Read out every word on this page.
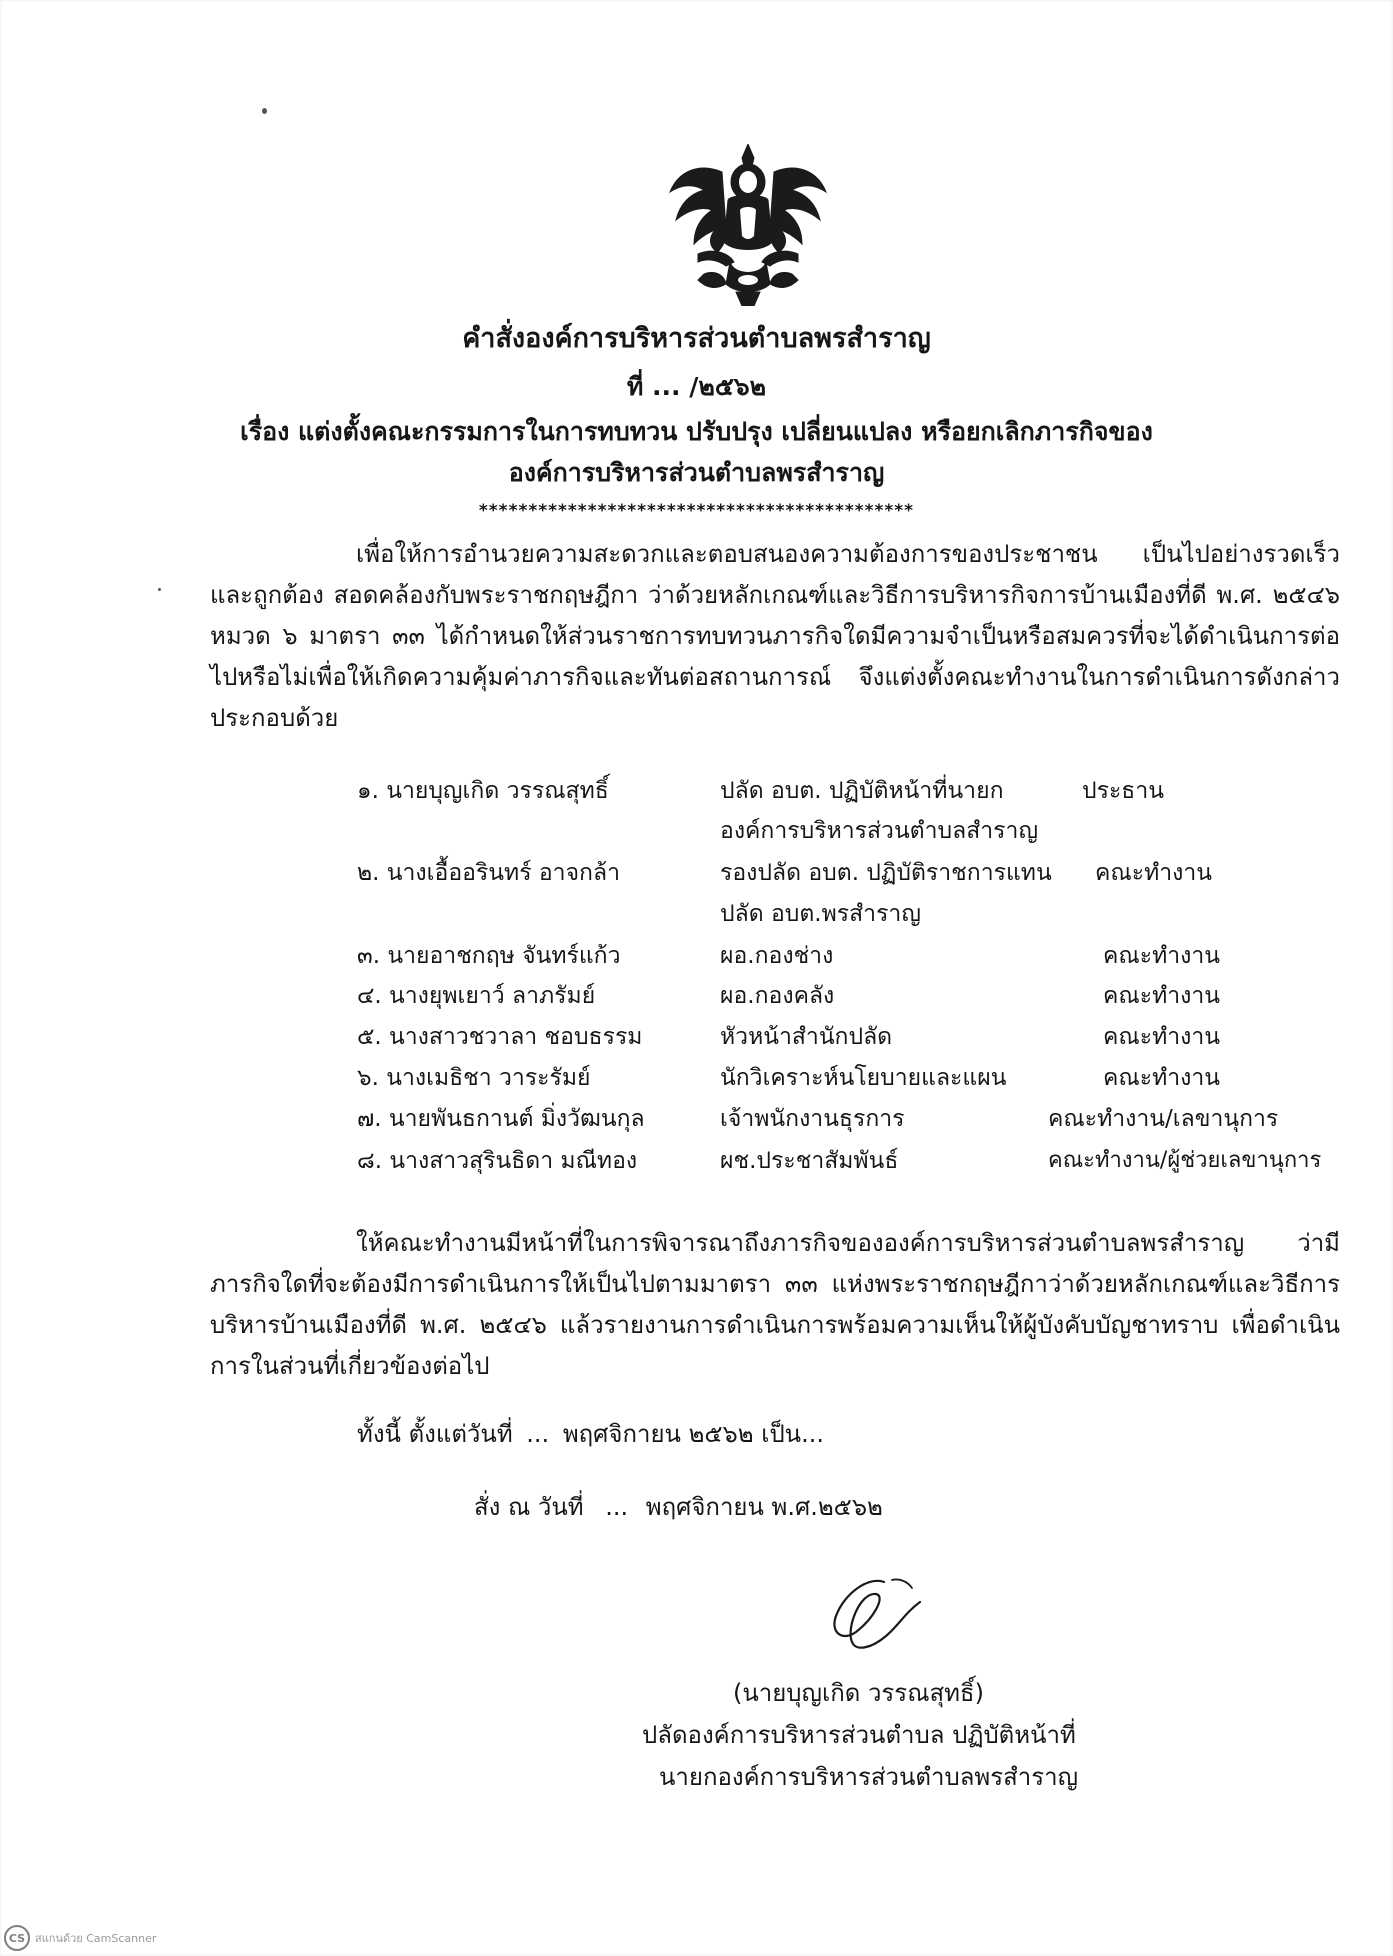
คำสั่งองค์การบริหารส่วนตำบลพรสำราญ
ที่ ... /๒๕๖๒
เรื่อง แต่งตั้งคณะกรรมการในการทบทวน ปรับปรุง เปลี่ยนแปลง หรือยกเลิกภารกิจของ
องค์การบริหารส่วนตำบลพรสำราญ
********************************************

เพื่อให้การอำนวยความสะดวกและตอบสนองความต้องการของประชาชน เป็นไปอย่างรวดเร็วและถูกต้อง สอดคล้องกับพระราชกฤษฎีกา ว่าด้วยหลักเกณฑ์และวิธีการบริหารกิจการบ้านเมืองที่ดี พ.ศ. ๒๕๔๖ หมวด ๖ มาตรา ๓๓ ได้กำหนดให้ส่วนราชการทบทวนภารกิจใดมีความจำเป็นหรือสมควรที่จะได้ดำเนินการต่อไปหรือไม่เพื่อให้เกิดความคุ้มค่าภารกิจและทันต่อสถานการณ์ จึงแต่งตั้งคณะทำงานในการดำเนินการดังกล่าว ประกอบด้วย

๑. นายบุญเกิด วรรณสุทธิ์	ปลัด อบต. ปฏิบัติหน้าที่นายก	ประธาน
องค์การบริหารส่วนตำบลสำราญ
๒. นางเอื้ออรินทร์ อาจกล้า	รองปลัด อบต. ปฏิบัติราชการแทน คณะทำงาน
ปลัด อบต.พรสำราญ
๓. นายอาชกฤษ จันทร์แก้ว	ผอ.กองช่าง	คณะทำงาน
๔. นางยุพเยาว์ ลาภรัมย์	ผอ.กองคลัง	คณะทำงาน
๕. นางสาวชวาลา ชอบธรรม	หัวหน้าสำนักปลัด	คณะทำงาน
๖. นางเมธิชา วาระรัมย์	นักวิเคราะห์นโยบายและแผน	คณะทำงาน
๗. นายพันธกานต์ มิ่งวัฒนกุล	เจ้าพนักงานธุรการ	คณะทำงาน/เลขานุการ
๘. นางสาวสุรินธิดา มณีทอง	ผช.ประชาสัมพันธ์	คณะทำงาน/ผู้ช่วยเลขานุการ

ให้คณะทำงานมีหน้าที่ในการพิจารณาถึงภารกิจขององค์การบริหารส่วนตำบลพรสำราญ ว่ามีภารกิจใดที่จะต้องมีการดำเนินการให้เป็นไปตามมาตรา ๓๓ แห่งพระราชกฤษฎีกาว่าด้วยหลักเกณฑ์และวิธีการบริหารบ้านเมืองที่ดี พ.ศ. ๒๕๔๖ แล้วรายงานการดำเนินการพร้อมความเห็นให้ผู้บังคับบัญชาทราบ เพื่อดำเนินการในส่วนที่เกี่ยวข้องต่อไป

ทั้งนี้ ตั้งแต่วันที่ ... พฤศจิกายน ๒๕๖๒ เป็น...
สั่ง ณ วันที่ ... พฤศจิกายน พ.ศ.๒๕๖๒
(นายบุญเกิด วรรณสุทธิ์)
ปลัดองค์การบริหารส่วนตำบล ปฏิบัติหน้าที่
นายกองค์การบริหารส่วนตำบลพรสำราญ
CS สแกนด้วย CamScanner
